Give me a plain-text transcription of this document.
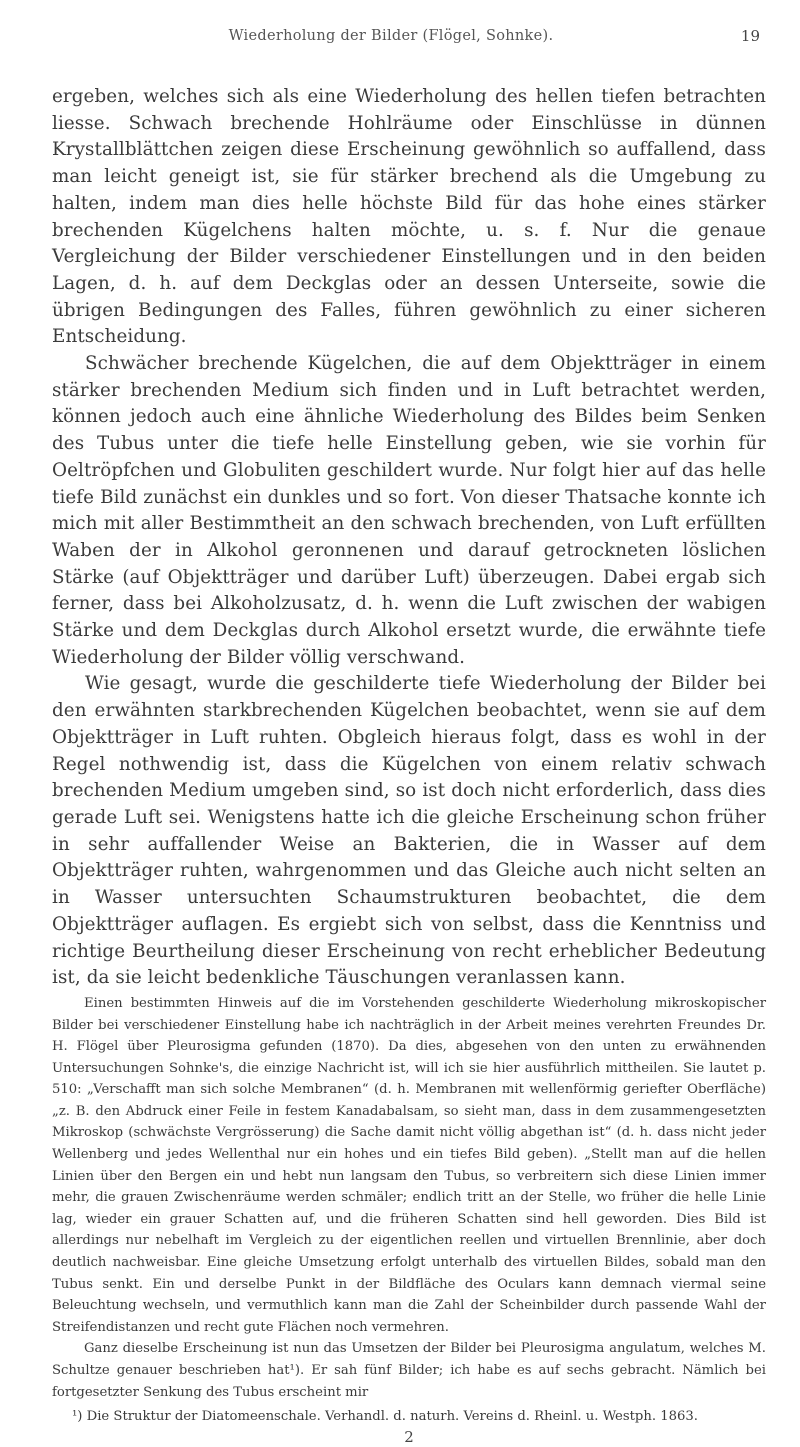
Wiederholung der Bilder (Flögel, Sohnke).	19

ergeben, welches sich als eine Wiederholung des hellen tiefen betrachten liesse. Schwach brechende Hohlräume oder Einschlüsse in dünnen Krystallblättchen zeigen diese Erscheinung gewöhnlich so auffallend, dass man leicht geneigt ist, sie für stärker brechend als die Umgebung zu halten, indem man dies helle höchste Bild für das hohe eines stärker brechenden Kügelchens halten möchte, u. s. f. Nur die genaue Vergleichung der Bilder verschiedener Einstellungen und in den beiden Lagen, d. h. auf dem Deckglas oder an dessen Unterseite, sowie die übrigen Bedingungen des Falles, führen gewöhnlich zu einer sicheren Entscheidung.

Schwächer brechende Kügelchen, die auf dem Objektträger in einem stärker brechenden Medium sich finden und in Luft betrachtet werden, können jedoch auch eine ähnliche Wiederholung des Bildes beim Senken des Tubus unter die tiefe helle Einstellung geben, wie sie vorhin für Oeltröpfchen und Globuliten geschildert wurde. Nur folgt hier auf das helle tiefe Bild zunächst ein dunkles und so fort. Von dieser Thatsache konnte ich mich mit aller Bestimmtheit an den schwach brechenden, von Luft erfüllten Waben der in Alkohol geronnenen und darauf getrockneten löslichen Stärke (auf Objektträger und darüber Luft) überzeugen. Dabei ergab sich ferner, dass bei Alkoholzusatz, d. h. wenn die Luft zwischen der wabigen Stärke und dem Deckglas durch Alkohol ersetzt wurde, die erwähnte tiefe Wiederholung der Bilder völlig verschwand.

Wie gesagt, wurde die geschilderte tiefe Wiederholung der Bilder bei den erwähnten starkbrechenden Kügelchen beobachtet, wenn sie auf dem Objektträger in Luft ruhten. Obgleich hieraus folgt, dass es wohl in der Regel nothwendig ist, dass die Kügelchen von einem relativ schwach brechenden Medium umgeben sind, so ist doch nicht erforderlich, dass dies gerade Luft sei. Wenigstens hatte ich die gleiche Erscheinung schon früher in sehr auffallender Weise an Bakterien, die in Wasser auf dem Objektträger ruhten, wahrgenommen und das Gleiche auch nicht selten an in Wasser untersuchten Schaumstrukturen beobachtet, die dem Objektträger auflagen. Es ergiebt sich von selbst, dass die Kenntniss und richtige Beurtheilung dieser Erscheinung von recht erheblicher Bedeutung ist, da sie leicht bedenkliche Täuschungen veranlassen kann.

Einen bestimmten Hinweis auf die im Vorstehenden geschilderte Wiederholung mikroskopischer Bilder bei verschiedener Einstellung habe ich nachträglich in der Arbeit meines verehrten Freundes Dr. H. Flögel über Pleurosigma gefunden (1870). Da dies, abgesehen von den unten zu erwähnenden Untersuchungen Sohnke's, die einzige Nachricht ist, will ich sie hier ausführlich mittheilen. Sie lautet p. 510: „Verschafft man sich solche Membranen“ (d. h. Membranen mit wellenförmig geriefter Oberfläche) „z. B. den Abdruck einer Feile in festem Kanadabalsam, so sieht man, dass in dem zusammengesetzten Mikroskop (schwächste Vergrösserung) die Sache damit nicht völlig abgethan ist“ (d. h. dass nicht jeder Wellenberg und jedes Wellenthal nur ein hohes und ein tiefes Bild geben). „Stellt man auf die hellen Linien über den Bergen ein und hebt nun langsam den Tubus, so verbreitern sich diese Linien immer mehr, die grauen Zwischenräume werden schmäler; endlich tritt an der Stelle, wo früher die helle Linie lag, wieder ein grauer Schatten auf, und die früheren Schatten sind hell geworden. Dies Bild ist allerdings nur nebelhaft im Vergleich zu der eigentlichen reellen und virtuellen Brennlinie, aber doch deutlich nachweisbar. Eine gleiche Umsetzung erfolgt unterhalb des virtuellen Bildes, sobald man den Tubus senkt. Ein und derselbe Punkt in der Bildfläche des Oculars kann demnach viermal seine Beleuchtung wechseln, und vermuthlich kann man die Zahl der Scheinbilder durch passende Wahl der Streifendistanzen und recht gute Flächen noch vermehren.

Ganz dieselbe Erscheinung ist nun das Umsetzen der Bilder bei Pleurosigma angulatum, welches M. Schultze genauer beschrieben hat¹). Er sah fünf Bilder; ich habe es auf sechs gebracht. Nämlich bei fortgesetzter Senkung des Tubus erscheint mir

¹) Die Struktur der Diatomeenschale. Verhandl. d. naturh. Vereins d. Rheinl. u. Westph. 1863.
2
